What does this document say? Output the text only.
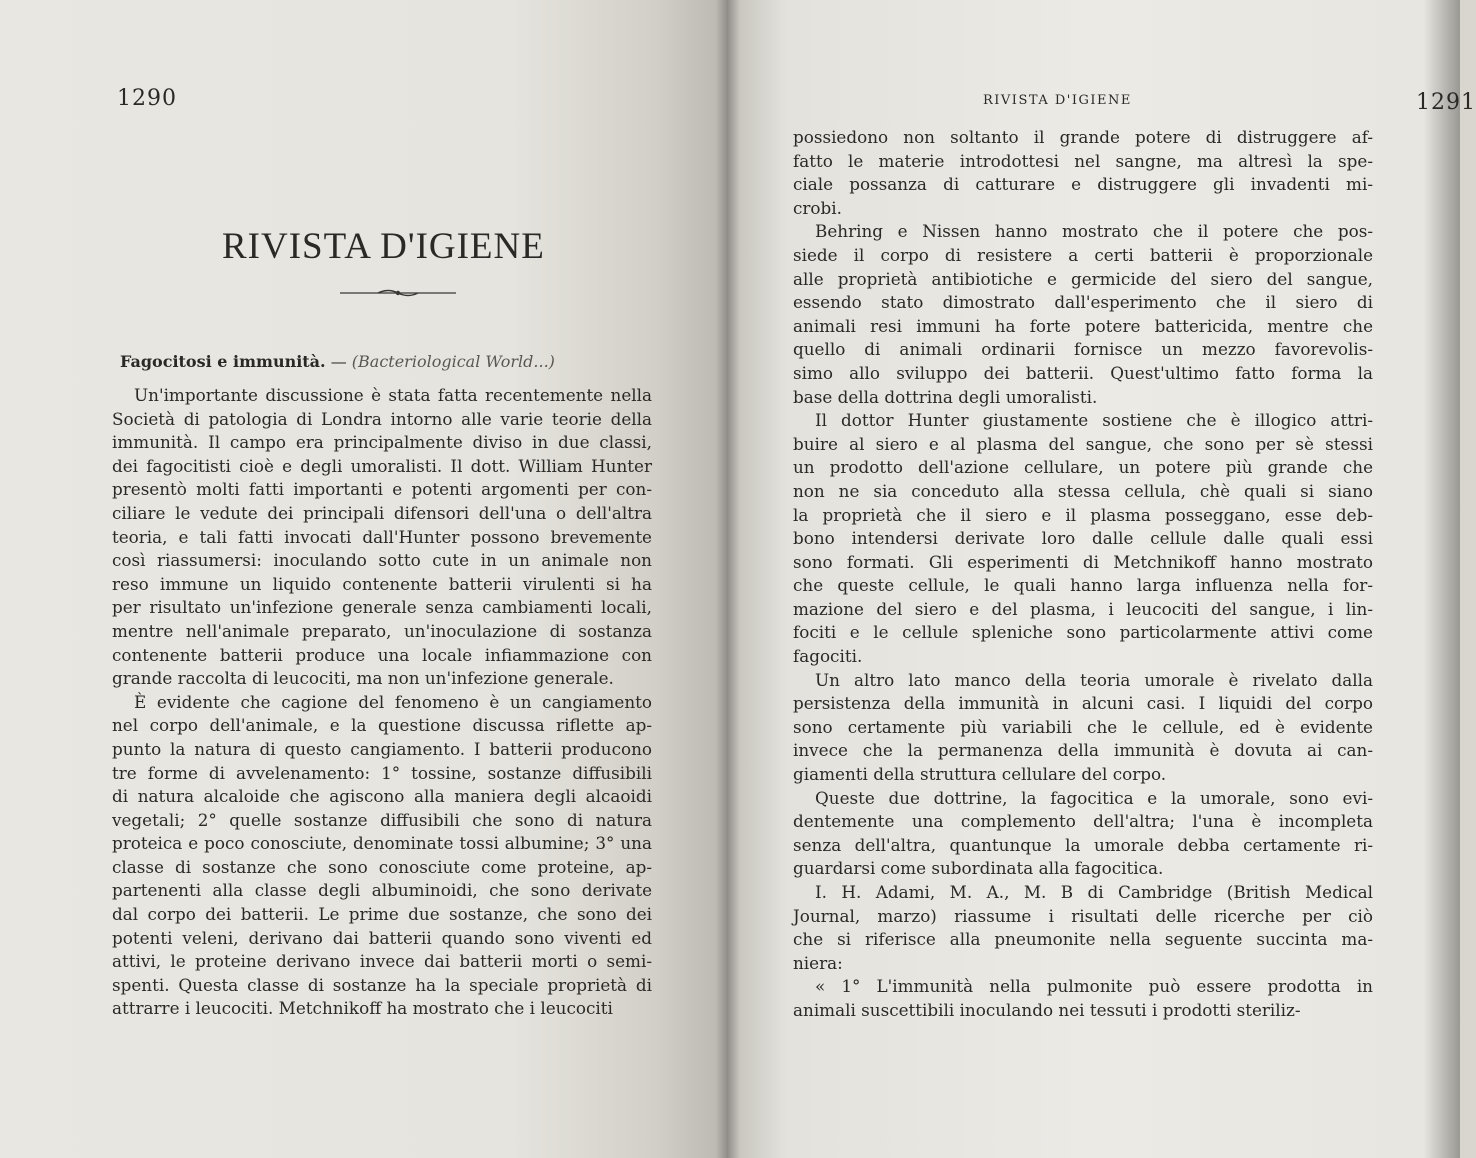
1290
RIVISTA D'IGIENE
Fagocitosi e immunità. — (Bacteriological World...)
Un'importante discussione è stata fatta recentemente nella
Società di patologia di Londra intorno alle varie teorie della
immunità. Il campo era principalmente diviso in due classi,
dei fagocitisti cioè e degli umoralisti. Il dott. William Hunter
presentò molti fatti importanti e potenti argomenti per con-
ciliare le vedute dei principali difensori dell'una o dell'altra
teoria, e tali fatti invocati dall'Hunter possono brevemente
così riassumersi: inoculando sotto cute in un animale non
reso immune un liquido contenente batterii virulenti si ha
per risultato un'infezione generale senza cambiamenti locali,
mentre nell'animale preparato, un'inoculazione di sostanza
contenente batterii produce una locale infiammazione con
grande raccolta di leucociti, ma non un'infezione generale.
È evidente che cagione del fenomeno è un cangiamento
nel corpo dell'animale, e la questione discussa riflette ap-
punto la natura di questo cangiamento. I batterii producono
tre forme di avvelenamento: 1° tossine, sostanze diffusibili
di natura alcaloide che agiscono alla maniera degli alcaoidi
vegetali; 2° quelle sostanze diffusibili che sono di natura
proteica e poco conosciute, denominate tossi albumine; 3° una
classe di sostanze che sono conosciute come proteine, ap-
partenenti alla classe degli albuminoidi, che sono derivate
dal corpo dei batterii. Le prime due sostanze, che sono dei
potenti veleni, derivano dai batterii quando sono viventi ed
attivi, le proteine derivano invece dai batterii morti o semi-
spenti. Questa classe di sostanze ha la speciale proprietà di
attrarre i leucociti. Metchnikoff ha mostrato che i leucociti
RIVISTA D'IGIENE	1291
possiedono non soltanto il grande potere di distruggere af-
fatto le materie introdottesi nel sangne, ma altresì la spe-
ciale possanza di catturare e distruggere gli invadenti mi-
crobi.
Behring e Nissen hanno mostrato che il potere che pos-
siede il corpo di resistere a certi batterii è proporzionale
alle proprietà antibiotiche e germicide del siero del sangue,
essendo stato dimostrato dall'esperimento che il siero di
animali resi immuni ha forte potere battericida, mentre che
quello di animali ordinarii fornisce un mezzo favorevolis-
simo allo sviluppo dei batterii. Quest'ultimo fatto forma la
base della dottrina degli umoralisti.
Il dottor Hunter giustamente sostiene che è illogico attri-
buire al siero e al plasma del sangue, che sono per sè stessi
un prodotto dell'azione cellulare, un potere più grande che
non ne sia conceduto alla stessa cellula, chè quali si siano
la proprietà che il siero e il plasma posseggano, esse deb-
bono intendersi derivate loro dalle cellule dalle quali essi
sono formati. Gli esperimenti di Metchnikoff hanno mostrato
che queste cellule, le quali hanno larga influenza nella for-
mazione del siero e del plasma, i leucociti del sangue, i lin-
fociti e le cellule spleniche sono particolarmente attivi come
fagociti.
Un altro lato manco della teoria umorale è rivelato dalla
persistenza della immunità in alcuni casi. I liquidi del corpo
sono certamente più variabili che le cellule, ed è evidente
invece che la permanenza della immunità è dovuta ai can-
giamenti della struttura cellulare del corpo.
Queste due dottrine, la fagocitica e la umorale, sono evi-
dentemente una complemento dell'altra; l'una è incompleta
senza dell'altra, quantunque la umorale debba certamente ri-
guardarsi come subordinata alla fagocitica.
I. H. Adami, M. A., M. B di Cambridge (British Medical
Journal, marzo) riassume i risultati delle ricerche per ciò
che si riferisce alla pneumonite nella seguente succinta ma-
niera:
« 1° L'immunità nella pulmonite può essere prodotta in
animali suscettibili inoculando nei tessuti i prodotti steriliz-
